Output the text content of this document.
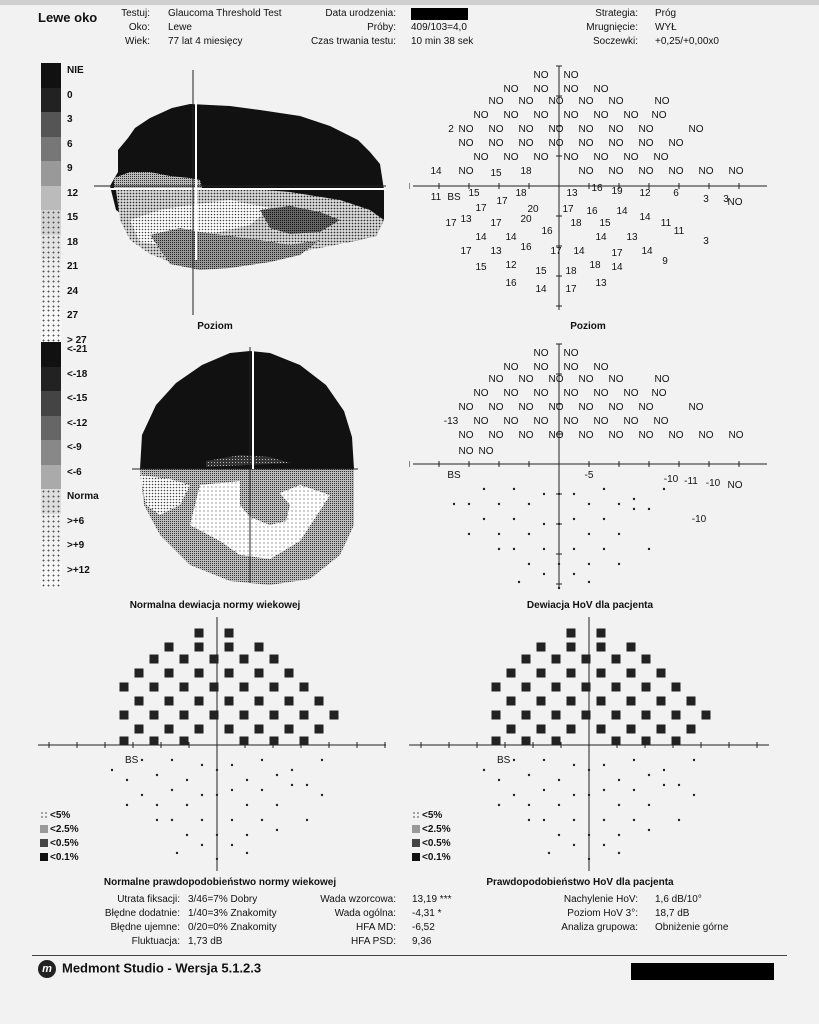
Lewe oko	Testuj: Glaucoma Threshold Test
Oko: Lewe
Wiek: 77 lat 4 miesięcy
Data urodzenia:
Próby: 409/103=4,0
Czas trwania testu: 10 min 38 sek
Strategia: Próg
Mrugnięcie: WYŁ
Soczewki: +0,25/+0,00x0
NIE
0
3
6
9
12
15
18
21
24
27
> 27
<-21
<-18
<-15
<-12
<-9
<-6
Norma
>+6
>+9
>+12
Poziom
NO NO
NO NO NO NO
NO NO NO NO NO	NO
NO NO NO NO NO NO NO
2 NO NO NO NO NO NO NO	NO
NO NO NO NO NO NO NO NO
NO NO NO NO NO NO NO
14 NO 15 18	NO NO NO NO NO NO
11 BS 15
17
18	13 16 19 12 6
3 3
NO
17	20 17 16 14
17 13 17 20	18 15
14
11
14 14
16
14 13
11
3
17 13 16 17 14	17 14
15 12
15 18
18 14
9
16
14 17
13
Poziom
Normalna dewiacja normy wiekowej
NO NO
NO NO NO NO
NO NO NO NO NO	NO
NO NO NO NO NO NO NO
NO NO NO NO NO NO NO	NO
-13 NO NO NO NO NO NO NO
NO NO NO NO NO NO NO NO NO NO
NO NO
BS	-5	-10 -11 -10 NO
-10
Dewiacja HoV dla pacjenta
BS
Normalne prawdopodobieństwo normy wiekowej
BS
Prawdopodobieństwo HoV dla pacjenta
<5%
<2.5%
<0.5%
<0.1%
<5%
<2.5%
<0.5%
<0.1%
Utrata fiksacji: 3/46=7% Dobry
Błędne dodatnie: 1/40=3% Znakomity
Błędne ujemne: 0/20=0% Znakomity
Fluktuacja: 1,73 dB
Wada wzorcowa: 13,19 ***
Wada ogólna: -4,31 *
HFA MD: -6,52
HFA PSD: 9,36
Nachylenie HoV: 1,6 dB/10°
Poziom HoV 3°: 18,7 dB
Analiza grupowa: Obniżenie górne
m Medmont Studio - Wersja 5.1.2.3
